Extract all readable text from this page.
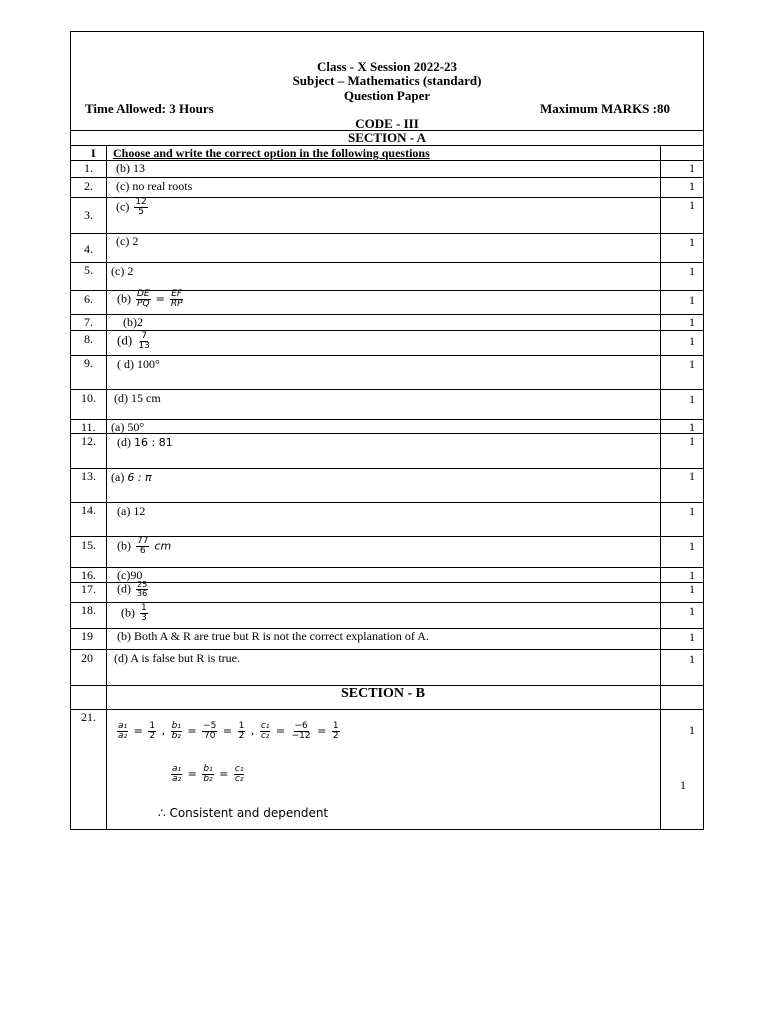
Class - X Session 2022-23
Subject – Mathematics (standard)
Question Paper
Time Allowed: 3 Hours	Maximum MARKS :80
CODE - III
SECTION - A
I Choose and write the correct option in the following questions
1. (b) 13	1
2. (c) no real roots	1
3.
$(c) \frac{12}{5}$	1
4.
(c) 2	1
5. (c) 2	1
6. $(b) \frac{DE}{PQ} = \frac{EF}{RP}$	1
7.	(b)2	1
8. $(d) \frac{7}{13}$	1
9. ( d) 100°	1
10. (d) 15 cm	1
11. (a) 50°	1
12. (d) 16 : 81	1
13. (a) 6 : π	1
14. (a) 12	1
15. $(b) \frac{77}{6}$ cm	1
16. (c)90	1
17. $(d) \frac{25}{36}$	1
18. $(b) \frac{1}{3}$	1
19 (b) Both A & R are true but R is not the correct explanation of A.	1
20 (d) A is false but R is true.	1
SECTION - B
21.
$\frac{\text{a₁}}{\text{a₂}} = \frac{1}{2}$ , $\frac{\text{b₁}}{\text{b₂}} = \frac{-5}{70} = \frac{1}{2}$ , $\frac{\text{c₁}}{\text{c₂}} = \frac{-6}{-12} = \frac{1}{2}$	1
$\frac{\text{a₁}}{\text{a₂}} = \frac{\text{b₁}}{\text{b₂}} = \frac{\text{c₁}}{\text{c₂}}$
1
∴ Consistent and dependent
